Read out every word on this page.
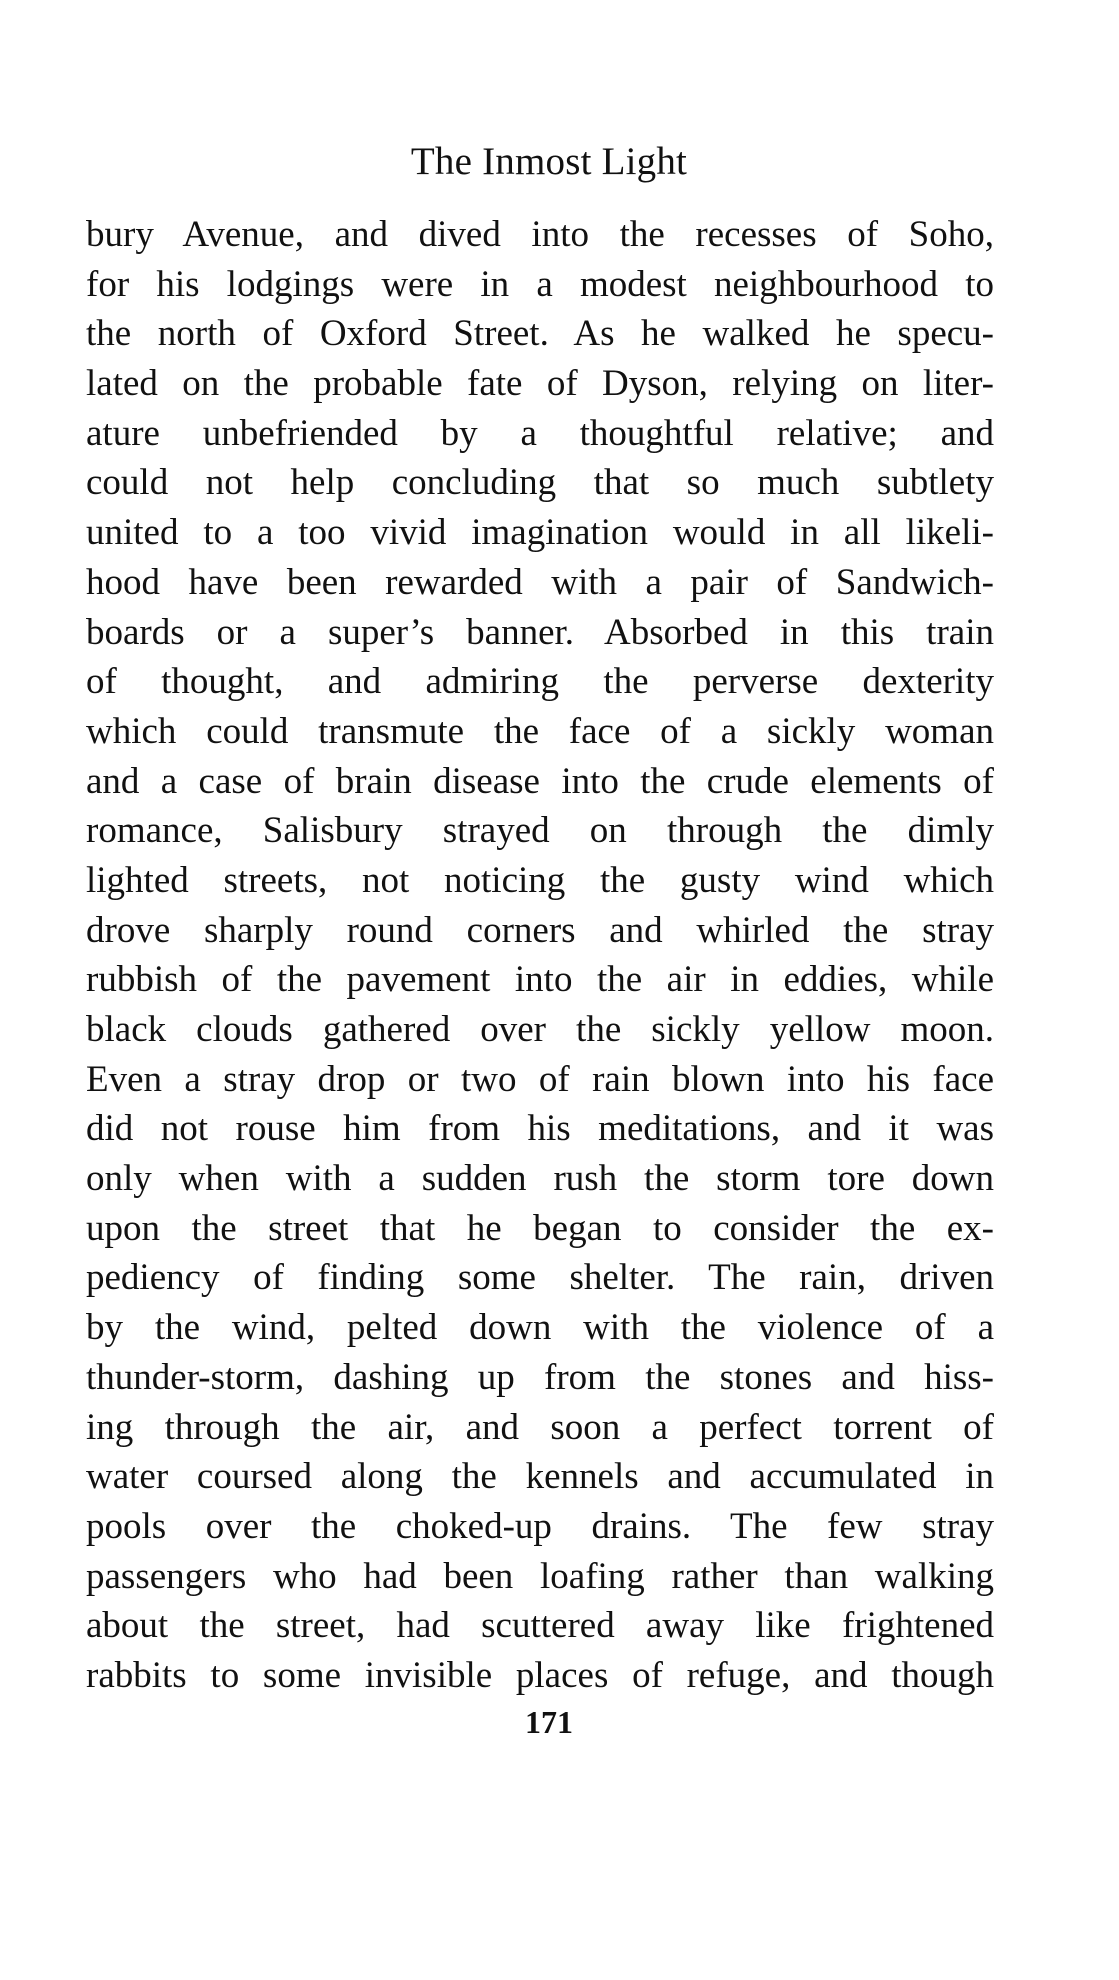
The Inmost Light
bury Avenue, and dived into the recesses of Soho,
for his lodgings were in a modest neighbourhood to
the north of Oxford Street. As he walked he specu-
lated on the probable fate of Dyson, relying on liter-
ature unbefriended by a thoughtful relative; and
could not help concluding that so much subtlety
united to a too vivid imagination would in all likeli-
hood have been rewarded with a pair of Sandwich-
boards or a super’s banner. Absorbed in this train
of thought, and admiring the perverse dexterity
which could transmute the face of a sickly woman
and a case of brain disease into the crude elements of
romance, Salisbury strayed on through the dimly
lighted streets, not noticing the gusty wind which
drove sharply round corners and whirled the stray
rubbish of the pavement into the air in eddies, while
black clouds gathered over the sickly yellow moon.
Even a stray drop or two of rain blown into his face
did not rouse him from his meditations, and it was
only when with a sudden rush the storm tore down
upon the street that he began to consider the ex-
pediency of finding some shelter. The rain, driven
by the wind, pelted down with the violence of a
thunder-storm, dashing up from the stones and hiss-
ing through the air, and soon a perfect torrent of
water coursed along the kennels and accumulated in
pools over the choked-up drains. The few stray
passengers who had been loafing rather than walking
about the street, had scuttered away like frightened
rabbits to some invisible places of refuge, and though
171
